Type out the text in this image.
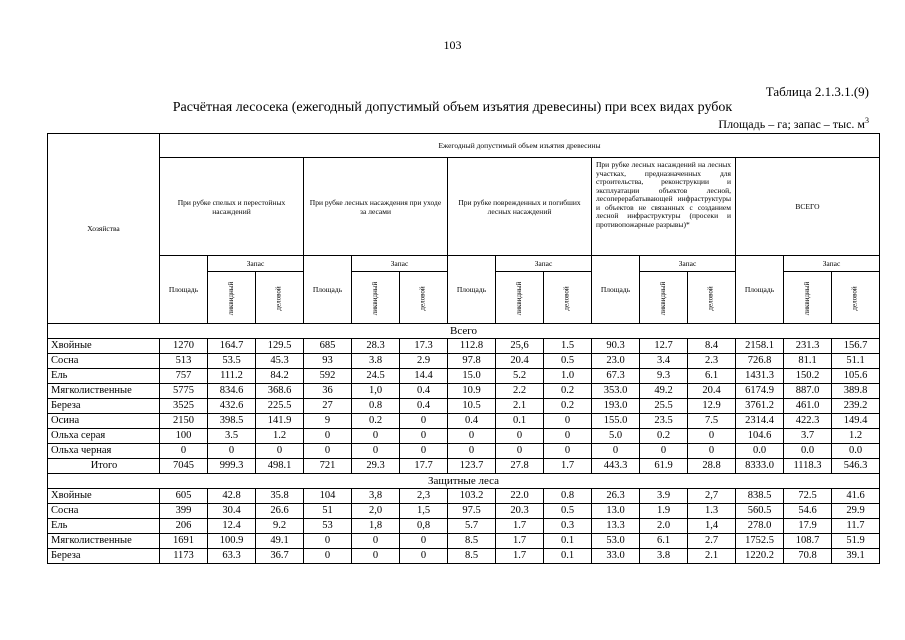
103
Таблица 2.1.3.1.(9)
Расчётная лесосека (ежегодный допустимый объем изъятия древесины) при всех видах рубок
Площадь – га; запас – тыс. $м^3$
Хозяйства	Ежегодный допустимый объем изъятия древесины														
	При рубке спелых и перестойных насаждений			При рубке лесных насаждения при уходе за лесами			При рубке поврежденных и погибших лесных насаждений			При рубке лесных насаждений на лесных участках, предназначенных для строительства, реконструкции и эксплуатации объектов лесной, лесоперерабатывающей инфраструктуры и объектов не связанных с созданием лесной инфраструктуры (просеки и противопожарные разрывы)*			ВСЕГО		
	Площадь	Запас		Площадь	Запас		Площадь	Запас		Площадь	Запас		Площадь	Запас	
		ликвидный	деловой		ликвидный	деловой		ликвидный	деловой		ликвидный	деловой		ликвидный	деловой
Всего															
Хвойные	1270	164.7	129.5	685	28.3	17.3	112.8	25,6	1.5	90.3	12.7	8.4	2158.1	231.3	156.7
Сосна	513	53.5	45.3	93	3.8	2.9	97.8	20.4	0.5	23.0	3.4	2.3	726.8	81.1	51.1
Ель	757	111.2	84.2	592	24.5	14.4	15.0	5.2	1.0	67.3	9.3	6.1	1431.3	150.2	105.6
Мягколиственные	5775	834.6	368.6	36	1,0	0.4	10.9	2.2	0.2	353.0	49.2	20.4	6174.9	887.0	389.8
Береза	3525	432.6	225.5	27	0.8	0.4	10.5	2.1	0.2	193.0	25.5	12.9	3761.2	461.0	239.2
Осина	2150	398.5	141.9	9	0.2	0	0.4	0.1	0	155.0	23.5	7.5	2314.4	422.3	149.4
Ольха серая	100	3.5	1.2	0	0	0	0	0	0	5.0	0.2	0	104.6	3.7	1.2
Ольха черная	0	0	0	0	0	0	0	0	0	0	0	0	0.0	0.0	0.0
Итого	7045	999.3	498.1	721	29.3	17.7	123.7	27.8	1.7	443.3	61.9	28.8	8333.0	1118.3	546.3
Защитные леса															
Хвойные	605	42.8	35.8	104	3,8	2,3	103.2	22.0	0.8	26.3	3.9	2,7	838.5	72.5	41.6
Сосна	399	30.4	26.6	51	2,0	1,5	97.5	20.3	0.5	13.0	1.9	1.3	560.5	54.6	29.9
Ель	206	12.4	9.2	53	1,8	0,8	5.7	1.7	0.3	13.3	2.0	1,4	278.0	17.9	11.7
Мягколиственные	1691	100.9	49.1	0	0	0	8.5	1.7	0.1	53.0	6.1	2.7	1752.5	108.7	51.9
Береза	1173	63.3	36.7	0	0	0	8.5	1.7	0.1	33.0	3.8	2.1	1220.2	70.8	39.1
